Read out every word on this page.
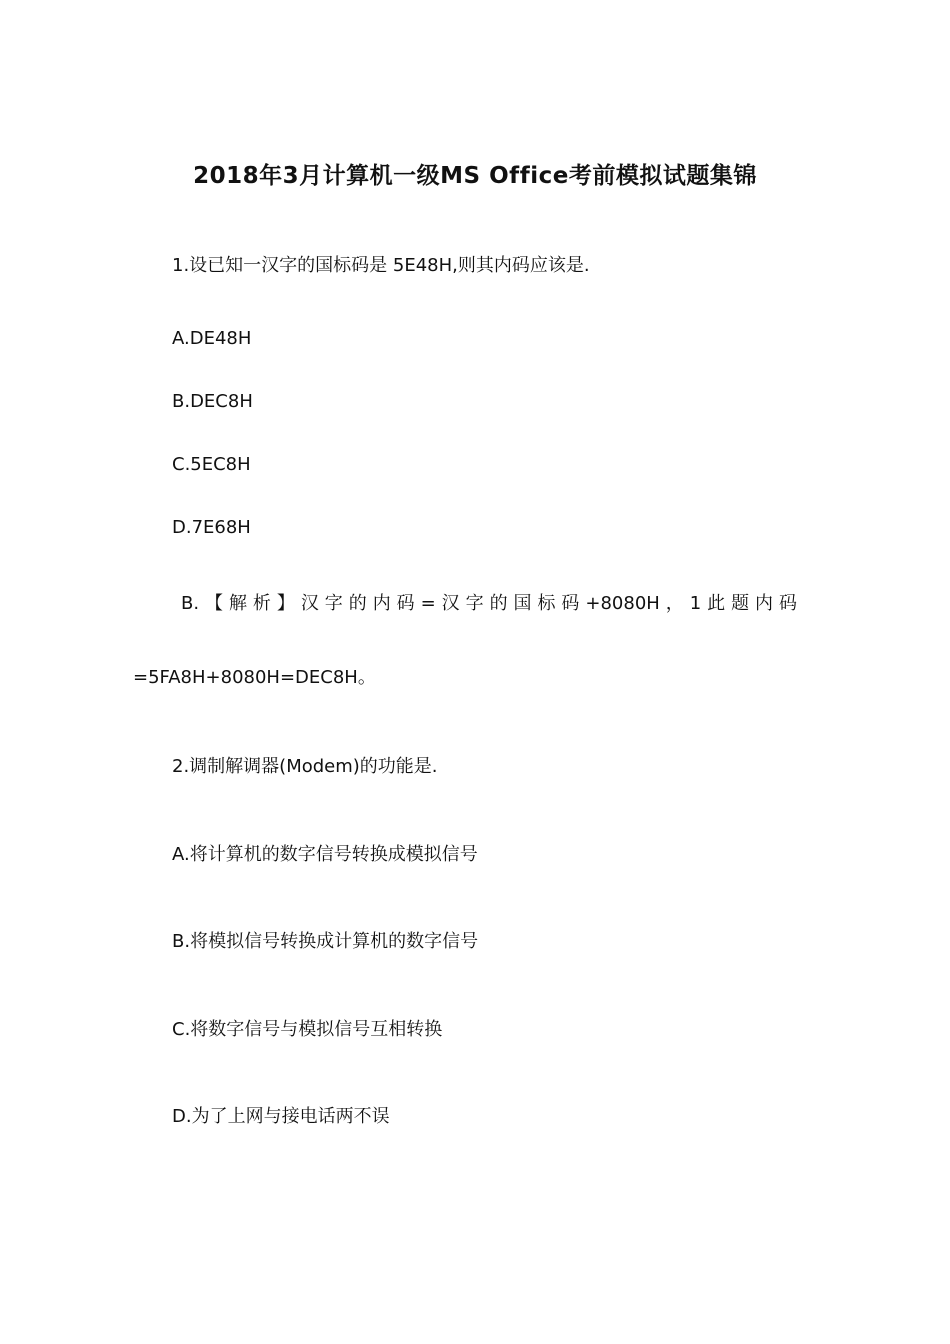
2018年3月计算机一级MS Office考前模拟试题集锦
1.设已知一汉字的国标码是 5E48H,则其内码应该是.
A.DE48H
B.DEC8H
C.5EC8H
D.7E68H
B.【解析】汉字的内码=汉字的国标码+8080H，1此题内码
=5FA8H+8080H=DEC8H。
2.调制解调器(Modem)的功能是.
A.将计算机的数字信号转换成模拟信号
B.将模拟信号转换成计算机的数字信号
C.将数字信号与模拟信号互相转换
D.为了上网与接电话两不误
